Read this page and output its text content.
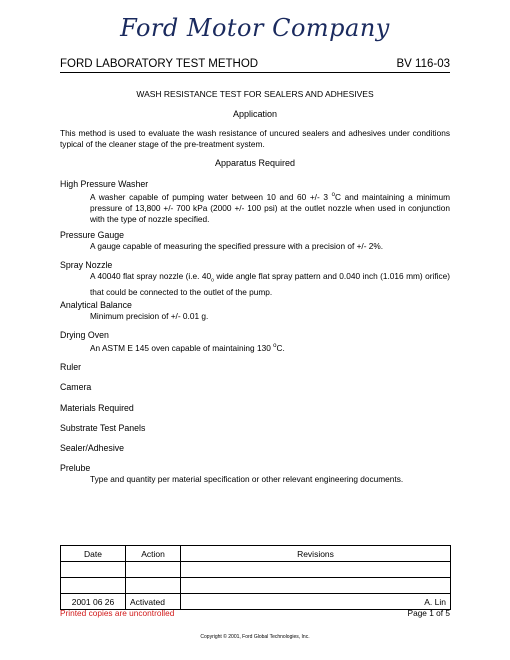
Ford Motor Company
FORD LABORATORY TEST METHOD	BV 116-03
WASH RESISTANCE TEST FOR SEALERS AND ADHESIVES
Application
This method is used to evaluate the wash resistance of uncured sealers and adhesives under conditions typical of the cleaner stage of the pre-treatment system.
Apparatus Required
High Pressure Washer
A washer capable of pumping water between 10 and 60 +/- 3 $^o$C and maintaining a minimum pressure of 13,800 +/- 700 kPa (2000 +/- 100 psi) at the outlet nozzle when used in conjunction with the type of nozzle specified.
Pressure Gauge
A gauge capable of measuring the specified pressure with a precision of +/- 2%.
Spray Nozzle
A 40040 flat spray nozzle (i.e. $40_o$ wide angle flat spray pattern and 0.040 inch (1.016 mm) orifice) that could be connected to the outlet of the pump.
Analytical Balance
Minimum precision of +/- 0.01 g.
Drying Oven
An ASTM E 145 oven capable of maintaining 130 $^o$C.
Ruler
Camera
Materials Required
Substrate Test Panels
Sealer/Adhesive
Prelube
Type and quantity per material specification or other relevant engineering documents.
Date	Action	Revisions

2001 06 26	Activated	A. Lin
Printed copies are uncontrolled	Page 1 of 5
Copyright © 2001, Ford Global Technologies, Inc.
